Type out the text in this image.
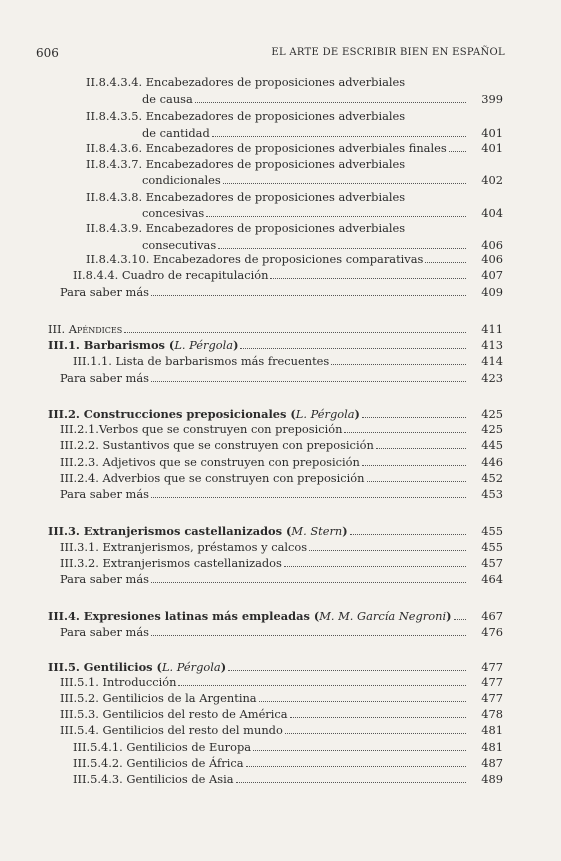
606	EL ARTE DE ESCRIBIR BIEN EN ESPAÑOL
II.8.4.3.4. Encabezadores de proposiciones adverbiales
de causa	399
II.8.4.3.5. Encabezadores de proposiciones adverbiales
de cantidad	401
II.8.4.3.6. Encabezadores de proposiciones adverbiales finales	401
II.8.4.3.7. Encabezadores de proposiciones adverbiales
condicionales	402
II.8.4.3.8. Encabezadores de proposiciones adverbiales
concesivas	404
II.8.4.3.9. Encabezadores de proposiciones adverbiales
consecutivas	406
II.8.4.3.10. Encabezadores de proposiciones comparativas	406
II.8.4.4. Cuadro de recapitulación	407
Para saber más	409
III. Apéndices	411
III.1. Barbarismos (L. Pérgola)	413
III.1.1. Lista de barbarismos más frecuentes	414
Para saber más	423
III.2. Construcciones preposicionales (L. Pérgola)	425
III.2.1.Verbos que se construyen con preposición	425
III.2.2. Sustantivos que se construyen con preposición	445
III.2.3. Adjetivos que se construyen con preposición	446
III.2.4. Adverbios que se construyen con preposición	452
Para saber más	453
III.3. Extranjerismos castellanizados (M. Stern)	455
III.3.1. Extranjerismos, préstamos y calcos	455
III.3.2. Extranjerismos castellanizados	457
Para saber más	464
III.4. Expresiones latinas más empleadas (M. M. García Negroni)	467
Para saber más	476
III.5. Gentilicios (L. Pérgola)	477
III.5.1. Introducción	477
III.5.2. Gentilicios de la Argentina	477
III.5.3. Gentilicios del resto de América	478
III.5.4. Gentilicios del resto del mundo	481
III.5.4.1. Gentilicios de Europa	481
III.5.4.2. Gentilicios de África	487
III.5.4.3. Gentilicios de Asia	489
